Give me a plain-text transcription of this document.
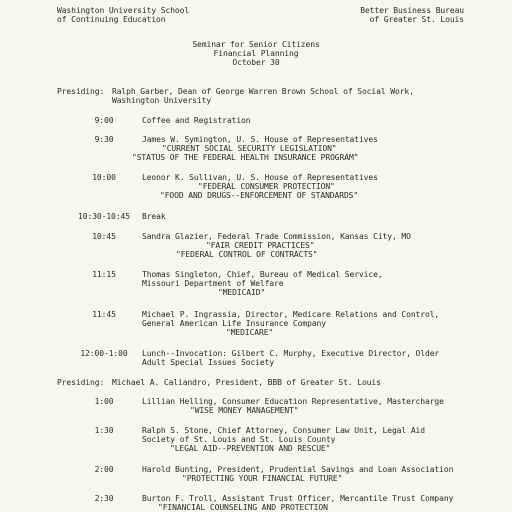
Washington University School
of Continuing Education
Better Business Bureau
of Greater St. Louis
Seminar for Senior Citizens
Financial Planning
October 30
Presiding: Ralph Garber, Dean of George Warren Brown School of Social Work,
Washington University
9:00	Coffee and Registration
9:30	James W. Symington, U. S. House of Representatives
"CURRENT SOCIAL SECURITY LEGISLATION"
"STATUS OF THE FEDERAL HEALTH INSURANCE PROGRAM"
10:00	Leonor K. Sullivan, U. S. House of Representatives
"FEDERAL CONSUMER PROTECTION"
"FOOD AND DRUGS--ENFORCEMENT OF STANDARDS"
10:30-10:45 Break
10:45	Sandra Glazier, Federal Trade Commission, Kansas City, MO
"FAIR CREDIT PRACTICES"
"FEDERAL CONTROL OF CONTRACTS"
11:15	Thomas Singleton, Chief, Bureau of Medical Service,
Missouri Department of Welfare
"MEDICAID"
11:45	Michael P. Ingrassia, Director, Medicare Relations and Control,
General American Life Insurance Company
"MEDICARE"
12:00-1:00	Lunch--Invocation: Gilbert C. Murphy, Executive Director, Older
Adult Special Issues Society
Presiding: Michael A. Caliandro, President, BBB of Greater St. Louis
1:00	Lillian Helling, Consumer Education Representative, Mastercharge
"WISE MONEY MANAGEMENT"
1:30	Ralph S. Stone, Chief Attorney, Consumer Law Unit, Legal Aid
Society of St. Louis and St. Louis County
"LEGAL AID--PREVENTION AND RESCUE"
2:00	Harold Bunting, President, Prudential Savings and Loan Association
"PROTECTING YOUR FINANCIAL FUTURE"
2:30	Burton F. Troll, Assistant Trust Officer, Mercantile Trust Company
"FINANCIAL COUNSELING AND PROTECTION
